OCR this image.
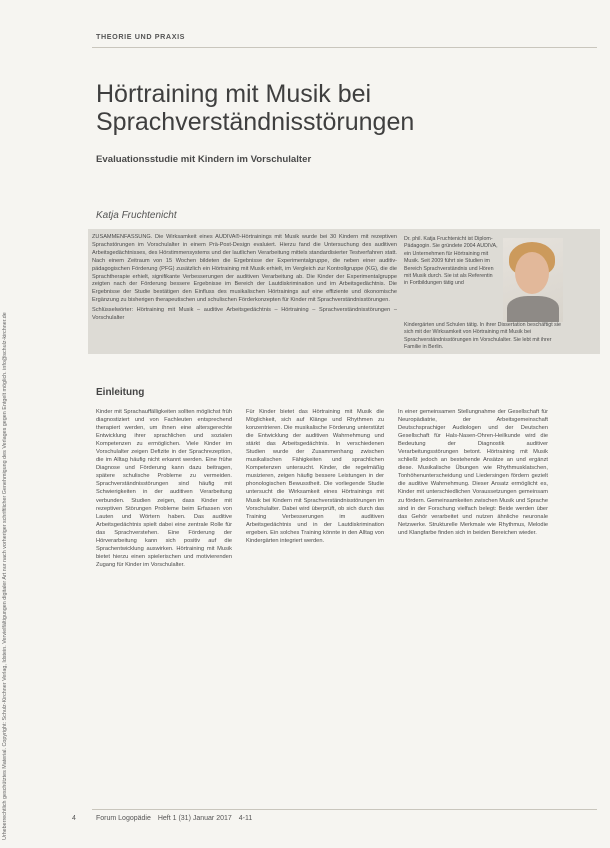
Urheberrechtlich geschütztes Material. Copyright: Schulz-Kirchner Verlag, Idstein. Vervielfältigungen digitaler Art nur nach vorheriger schriftlicher Genehmigung des Verlages gegen Entgelt möglich. info@schulz-kirchner.de
THEORIE UND PRAXIS
Hörtraining mit Musik bei Sprachverständnisstörungen
Evaluationsstudie mit Kindern im Vorschulalter
Katja Fruchtenicht
ZUSAMMENFASSUNG. Die Wirksamkeit eines AUDIVA®-Hörtrainings mit Musik wurde bei 30 Kindern mit rezeptiven Sprachstörungen im Vorschulalter in einem Prä-Post-Design evaluiert. Hierzu fand die Untersuchung des auditiven Arbeitsgedächtnisses, des Hörstimmensystems und der lautlichen Verarbeitung mittels standardisierter Testverfahren statt. Nach einem Zeitraum von 15 Wochen bildeten die Ergebnisse der Experimentalgruppe, die neben einer auditiv-pädagogischen Förderung (PFG) zusätzlich ein Hörtraining mit Musik erhielt, im Vergleich zur Kontrollgruppe (KG), die die Sprachtherapie erhielt, signifikante Verbesserungen der auditiven Verarbeitung ab. Die Kinder der Experimentalgruppe zeigten nach der Förderung bessere Ergebnisse im Bereich der Lautdiskrimination und im Arbeitsgedächtnis. Die Ergebnisse der Studie bestätigen den Einfluss des musikalischen Hörtrainings auf eine effiziente und ökonomische Ergänzung zu bisherigen therapeutischen und schulischen Förderkonzepten für Kinder mit Sprachverständnisstörungen.
Schlüsselwörter: Hörtraining mit Musik – auditive Arbeitsgedächtnis – Hörtraining – Sprachverständnisstörungen – Vorschulalter
Dr. phil. Katja Fruchtenicht ist Diplom-Pädagogin. Sie gründete 2004 AUDIVA, ein Unternehmen für Hörtraining mit Musik. Seit 2009 führt sie Studien im Bereich Sprachverständnis und Hören mit Musik durch. Sie ist als Referentin in Fortbildungen tätig und
Kindergärten und Schulen tätig. In ihrer Dissertation beschäftigt sie sich mit der Wirksamkeit von Hörtraining mit Musik bei Sprachverständnisstörungen im Vorschulalter. Sie lebt mit ihrer Familie in Berlin.
Einleitung
Kinder mit Sprachauffälligkeiten sollten möglichst früh diagnostiziert und von Fachleuten entsprechend therapiert werden, um ihnen eine altersgerechte Entwicklung ihrer sprachlichen und sozialen Kompetenzen zu ermöglichen. Viele Kinder im Vorschulalter zeigen Defizite in der Sprachrezeption, die im Alltag häufig nicht erkannt werden. Eine frühe Diagnose und Förderung kann dazu beitragen, spätere schulische Probleme zu vermeiden. Sprachverständnisstörungen sind häufig mit Schwierigkeiten in der auditiven Verarbeitung verbunden. Studien zeigen, dass Kinder mit rezeptiven Störungen Probleme beim Erfassen von Lauten und Wörtern haben. Das auditive Arbeitsgedächtnis spielt dabei eine zentrale Rolle für das Sprachverstehen. Eine Förderung der Hörverarbeitung kann sich positiv auf die Sprachentwicklung auswirken. Hörtraining mit Musik bietet hierzu einen spielerischen und motivierenden Zugang für Kinder im Vorschulalter.
Für Kinder bietet das Hörtraining mit Musik die Möglichkeit, sich auf Klänge und Rhythmen zu konzentrieren. Die musikalische Förderung unterstützt die Entwicklung der auditiven Wahrnehmung und stärkt das Arbeitsgedächtnis. In verschiedenen Studien wurde der Zusammenhang zwischen musikalischen Fähigkeiten und sprachlichen Kompetenzen untersucht. Kinder, die regelmäßig musizieren, zeigen häufig bessere Leistungen in der phonologischen Bewusstheit. Die vorliegende Studie untersucht die Wirksamkeit eines Hörtrainings mit Musik bei Kindern mit Sprachverständnisstörungen im Vorschulalter. Dabei wird überprüft, ob sich durch das Training Verbesserungen im auditiven Arbeitsgedächtnis und in der Lautdiskrimination ergeben. Ein solches Training könnte in den Alltag von Kindergärten integriert werden.
In einer gemeinsamen Stellungnahme der Gesellschaft für Neuropädiatrie, der Arbeitsgemeinschaft Deutschsprachiger Audiologen und der Deutschen Gesellschaft für Hals-Nasen-Ohren-Heilkunde wird die Bedeutung der Diagnostik auditiver Verarbeitungsstörungen betont. Hörtraining mit Musik schließt jedoch an bestehende Ansätze an und ergänzt diese. Musikalische Übungen wie Rhythmusklatschen, Tonhöhenunterscheidung und Liedersingen fördern gezielt die auditive Wahrnehmung. Dieser Ansatz ermöglicht es, Kinder mit unterschiedlichen Voraussetzungen gemeinsam zu fördern. Gemeinsamkeiten zwischen Musik und Sprache sind in der Forschung vielfach belegt: Beide werden über das Gehör verarbeitet und nutzen ähnliche neuronale Netzwerke. Strukturelle Merkmale wie Rhythmus, Melodie und Klangfarbe finden sich in beiden Bereichen wieder.
4	Forum Logopädie Heft 1 (31) Januar 2017 4-11
